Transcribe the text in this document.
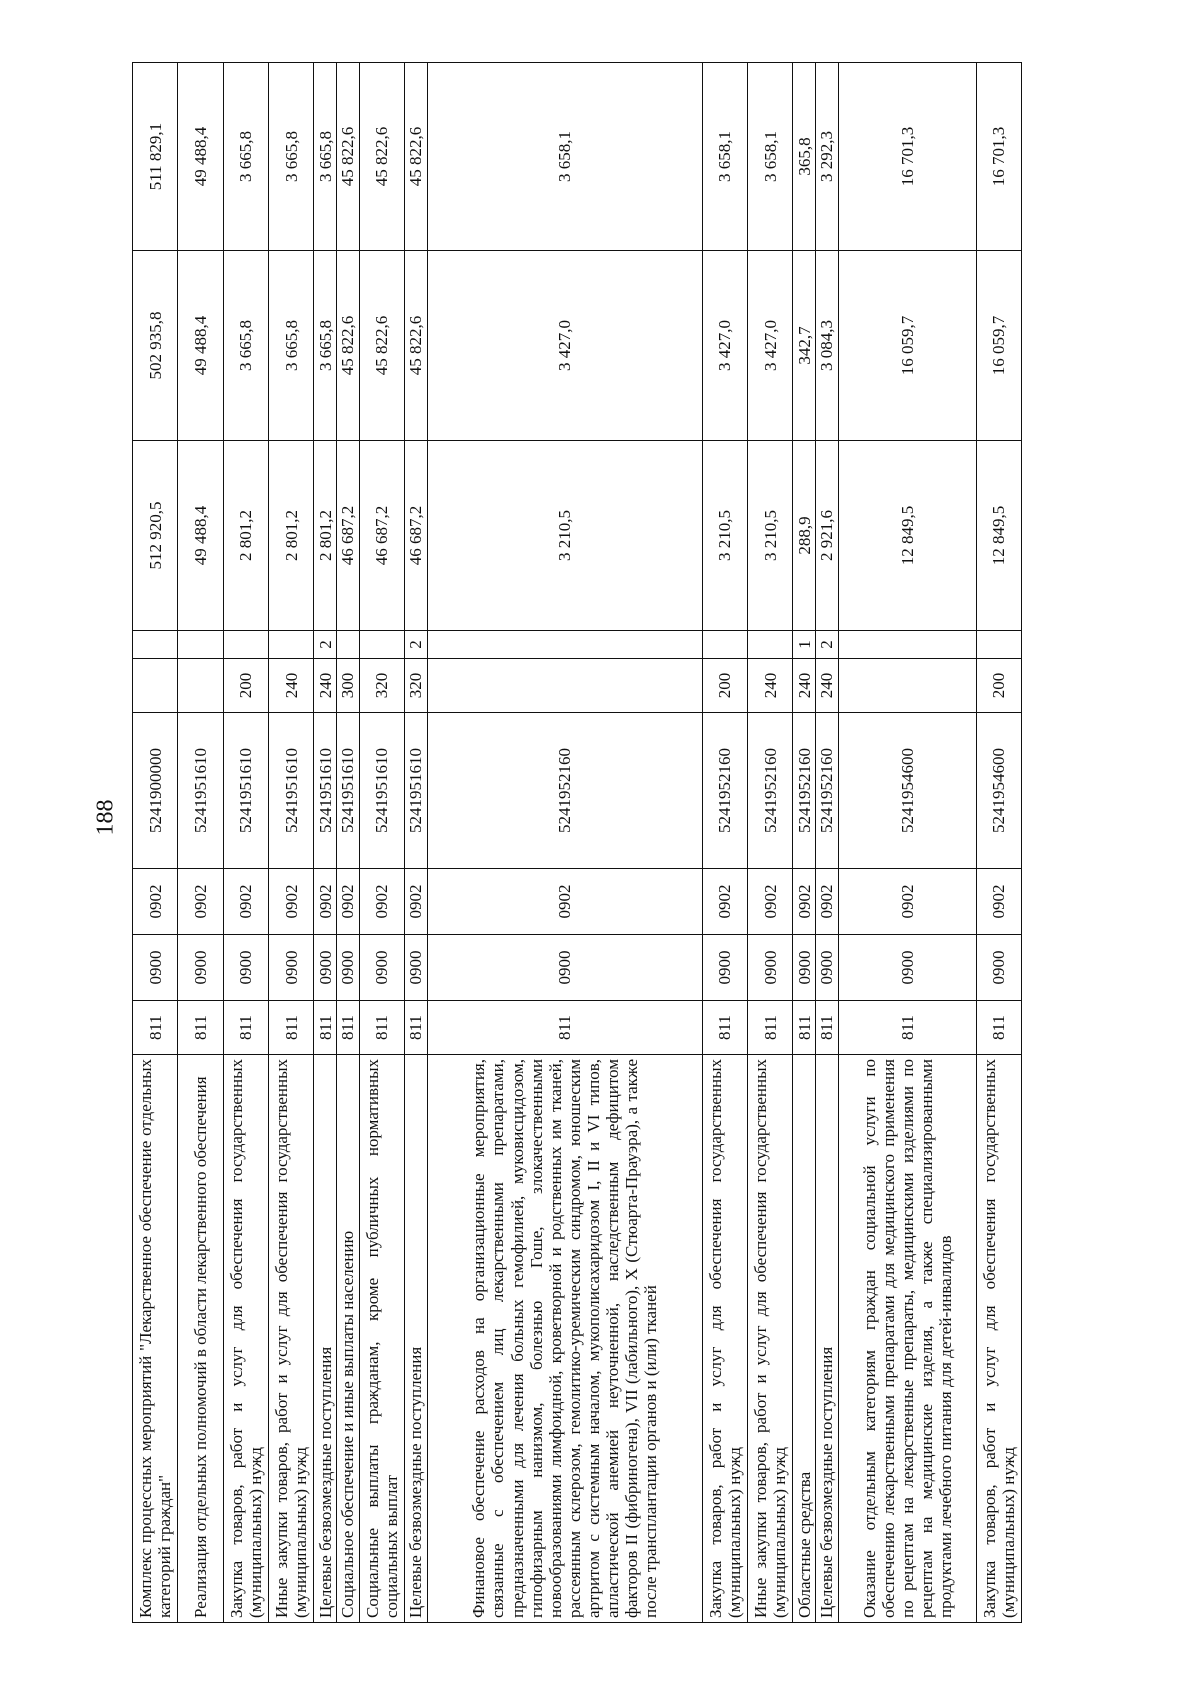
188
Комплекс процессных мероприятий "Лекарственное обеспечение отдельных категорий граждан"	811	0900	0902	5241900000			512 920,5	502 935,8	511 829,1
Реализация отдельных полномочий в области лекарственного обеспечения	811	0900	0902	5241951610			49 488,4	49 488,4	49 488,4
Закупка товаров, работ и услуг для обеспечения государственных (муниципальных) нужд	811	0900	0902	5241951610	200		2 801,2	3 665,8	3 665,8
Иные закупки товаров, работ и услуг для обеспечения государственных (муниципальных) нужд	811	0900	0902	5241951610	240		2 801,2	3 665,8	3 665,8
Целевые безвозмездные поступления	811	0900	0902	5241951610	240	2	2 801,2	3 665,8	3 665,8
Социальное обеспечение и иные выплаты населению	811	0900	0902	5241951610	300		46 687,2	45 822,6	45 822,6
Социальные выплаты гражданам, кроме публичных нормативных социальных выплат	811	0900	0902	5241951610	320		46 687,2	45 822,6	45 822,6
Целевые безвозмездные поступления	811	0900	0902	5241951610	320	2	46 687,2	45 822,6	45 822,6
Финановое обеспечение расходов на организационные мероприятия, связанные с обеспечением лиц лекарственными препаратами, предназначенными для лечения больных гемофилией, муковисцидозом, гипофизарным нанизмом, болезнью Гоше, злокачественными новообразованиями лимфоидной, кроветворной и родственных им тканей, рассеянным склерозом, гемолитико-уремическим синдромом, юношеским артритом с системным началом, мукополисахаридозом I, II и VI типов, апластической анемией неуточненной, наследственным дефицитом факторов II (фибриногена), VII (лабильного), X (Стюарта-Прауэра), а также после трансплантации органов и (или) тканей	811	0900	0902	5241952160			3 210,5	3 427,0	3 658,1
Закупка товаров, работ и услуг для обеспечения государственных (муниципальных) нужд	811	0900	0902	5241952160	200		3 210,5	3 427,0	3 658,1
Иные закупки товаров, работ и услуг для обеспечения государственных (муниципальных) нужд	811	0900	0902	5241952160	240		3 210,5	3 427,0	3 658,1
Областные средства	811	0900	0902	5241952160	240	1	288,9	342,7	365,8
Целевые безвозмездные поступления	811	0900	0902	5241952160	240	2	2 921,6	3 084,3	3 292,3
Оказание отдельным категориям граждан социальной услуги по обеспечению лекарственными препаратами для медицинского применения по рецептам на лекарственные препараты, медицинскими изделиями по рецептам на медицинские изделия, а также специализированными продуктами лечебного питания для детей-инвалидов	811	0900	0902	5241954600			12 849,5	16 059,7	16 701,3
Закупка товаров, работ и услуг для обеспечения государственных (муниципальных) нужд	811	0900	0902	5241954600	200		12 849,5	16 059,7	16 701,3
